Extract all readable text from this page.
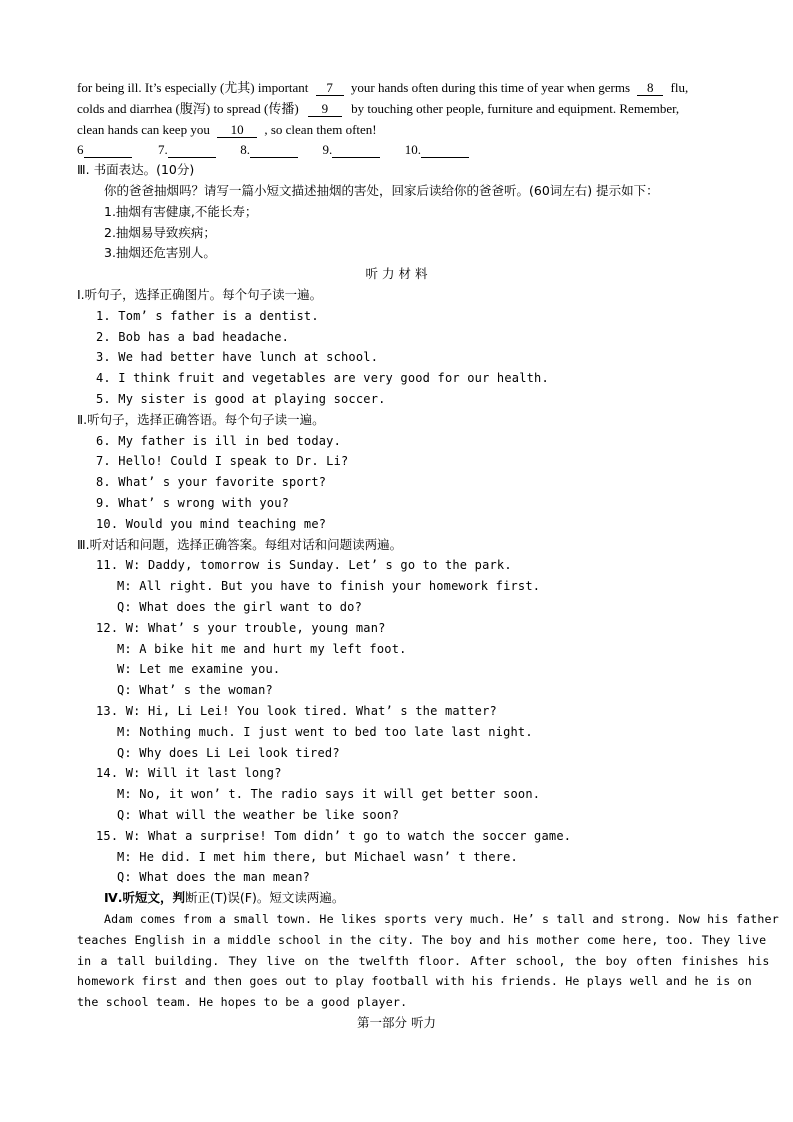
for being ill. It’s especially (尤其) important 7 your hands often during this time of year when germs 8 flu,
colds and diarrhea (腹泻) to spread (传播) 9 by touching other people, furniture and equipment. Remember,
clean hands can keep you 10 , so clean them often!
6	7.	8.	9.	10.
Ⅲ. 书面表达。(10分)
你的爸爸抽烟吗？请写一篇小短文描述抽烟的害处，回家后读给你的爸爸听。(60词左右) 提示如下：
1.抽烟有害健康,不能长寿；
2.抽烟易导致疾病；
3.抽烟还危害别人。
听 力 材 料
Ⅰ.听句子，选择正确图片。每个句子读一遍。
1. Tom’ s father is a dentist.
2. Bob has a bad headache.
3. We had better have lunch at school.
4. I think fruit and vegetables are very good for our health.
5. My sister is good at playing soccer.
Ⅱ.听句子，选择正确答语。每个句子读一遍。
6. My father is ill in bed today.
7. Hello! Could I speak to Dr. Li?
8. What’ s your favorite sport?
9. What’ s wrong with you?
10. Would you mind teaching me?
Ⅲ.听对话和问题，选择正确答案。每组对话和问题读两遍。
11. W: Daddy, tomorrow is Sunday. Let’ s go to the park.
M: All right. But you have to finish your homework first.
Q: What does the girl want to do?
12. W: What’ s your trouble, young man?
M: A bike hit me and hurt my left foot.
W: Let me examine you.
Q: What’ s the woman?
13. W: Hi, Li Lei! You look tired. What’ s the matter?
M: Nothing much. I just went to bed too late last night.
Q: Why does Li Lei look tired?
14. W: Will it last long?
M: No, it won’ t. The radio says it will get better soon.
Q: What will the weather be like soon?
15. W: What a surprise! Tom didn’ t go to watch the soccer game.
M: He did. I met him there, but Michael wasn’ t there.
Q: What does the man mean?
Ⅳ.听短文，判断正(T)误(F)。短文读两遍。
Adam comes from a small town. He likes sports very much. He’ s tall and strong. Now his father
teaches English in a middle school in the city. The boy and his mother come here, too. They live
in a tall building. They live on the twelfth floor. After school, the boy often finishes his
homework first and then goes out to play football with his friends. He plays well and he is on
the school team. He hopes to be a good player.
第一部分 听力
